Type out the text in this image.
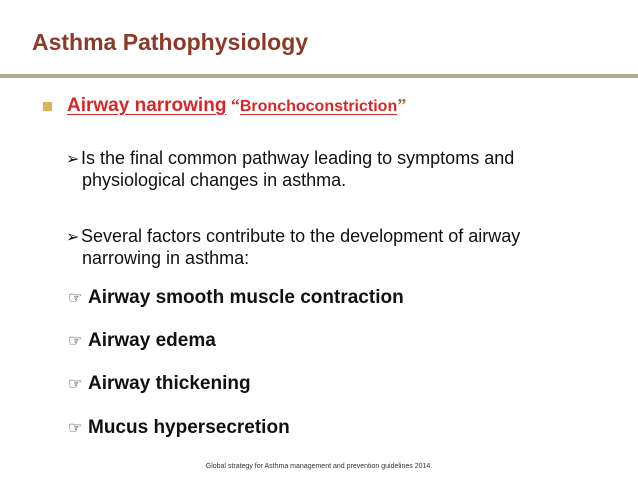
Asthma Pathophysiology
Airway narrowing “Bronchoconstriction”
➢Is the final common pathway leading to symptoms and
physiological changes in asthma.
➢Several factors contribute to the development of airway
narrowing in asthma:
☞ Airway smooth muscle contraction
☞ Airway edema
☞ Airway thickening
☞ Mucus hypersecretion
Global strategy for Asthma management and prevention guidelines 2014.
